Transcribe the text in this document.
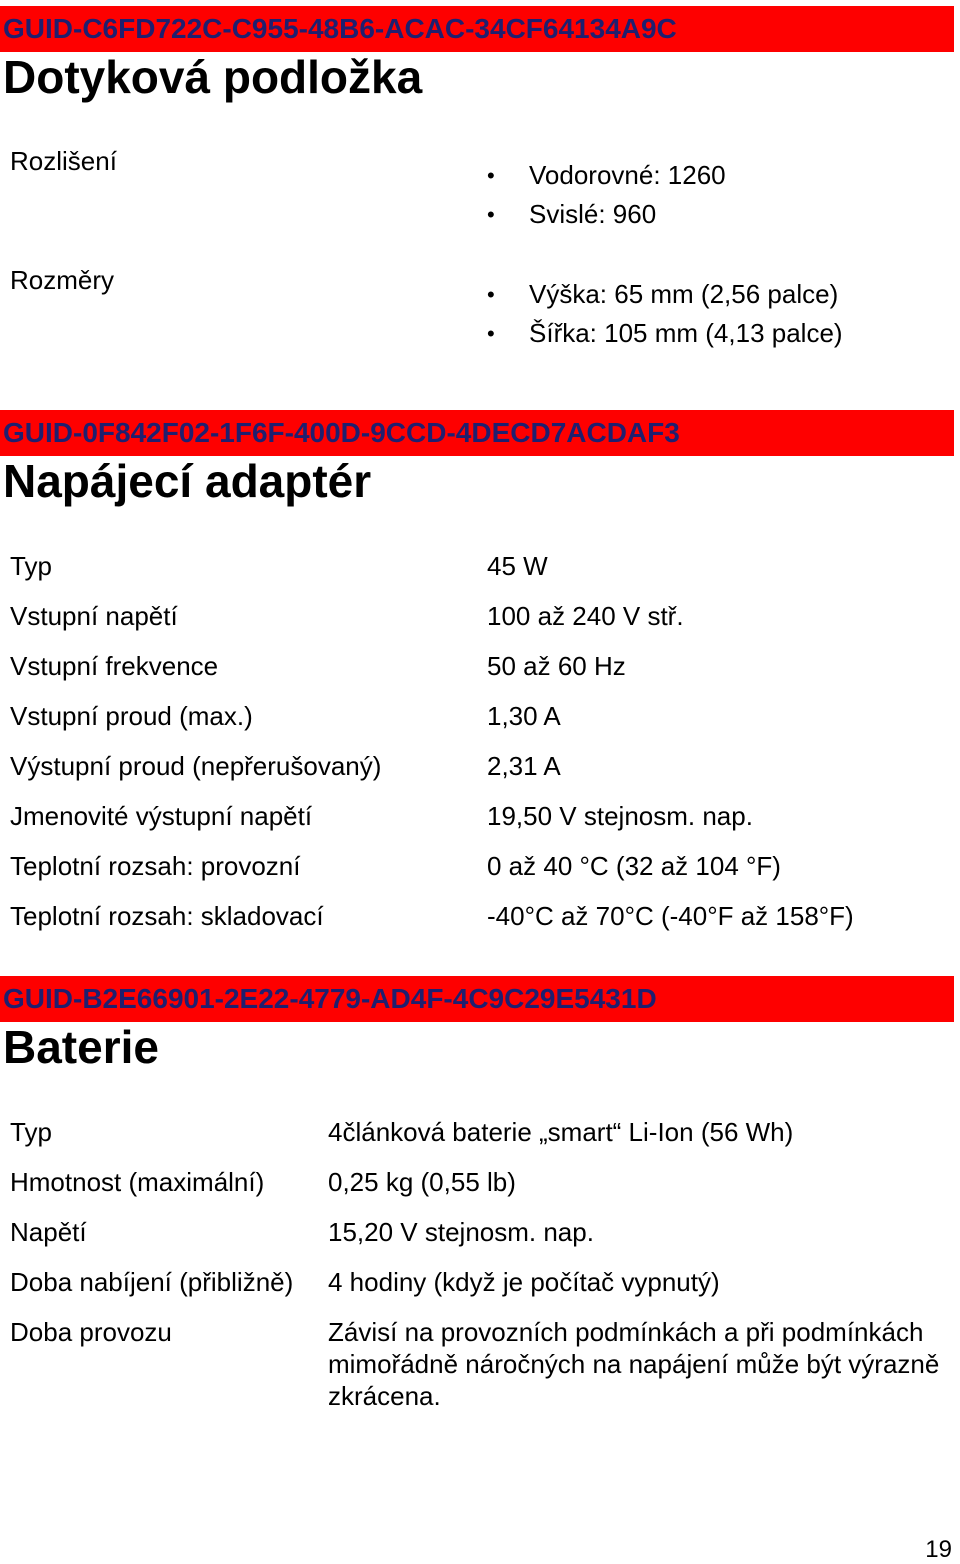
GUID-C6FD722C-C955-48B6-ACAC-34CF64134A9C
Dotyková podložka
Rozlišení	• Vodorovné: 1260
• Svislé: 960
Rozměry	• Výška: 65 mm (2,56 palce)
• Šířka: 105 mm (4,13 palce)
GUID-0F842F02-1F6F-400D-9CCD-4DECD7ACDAF3
Napájecí adaptér
Typ	45 W
Vstupní napětí	100 až 240 V stř.
Vstupní frekvence	50 až 60 Hz
Vstupní proud (max.)	1,30 A
Výstupní proud (nepřerušovaný)	2,31 A
Jmenovité výstupní napětí	19,50 V stejnosm. nap.
Teplotní rozsah: provozní	0 až 40 °C (32 až 104 °F)
Teplotní rozsah: skladovací	-40°C až 70°C (-40°F až 158°F)
GUID-B2E66901-2E22-4779-AD4F-4C9C29E5431D
Baterie
Typ	4článková baterie „smart“ Li-Ion (56 Wh)
Hmotnost (maximální) 0,25 kg (0,55 lb)
Napětí	15,20 V stejnosm. nap.
Doba nabíjení (přibližně) 4 hodiny (když je počítač vypnutý)
Doba provozu	Závisí na provozních podmínkách a při podmínkách mimořádně náročných na napájení může být výrazně zkrácena.
19
